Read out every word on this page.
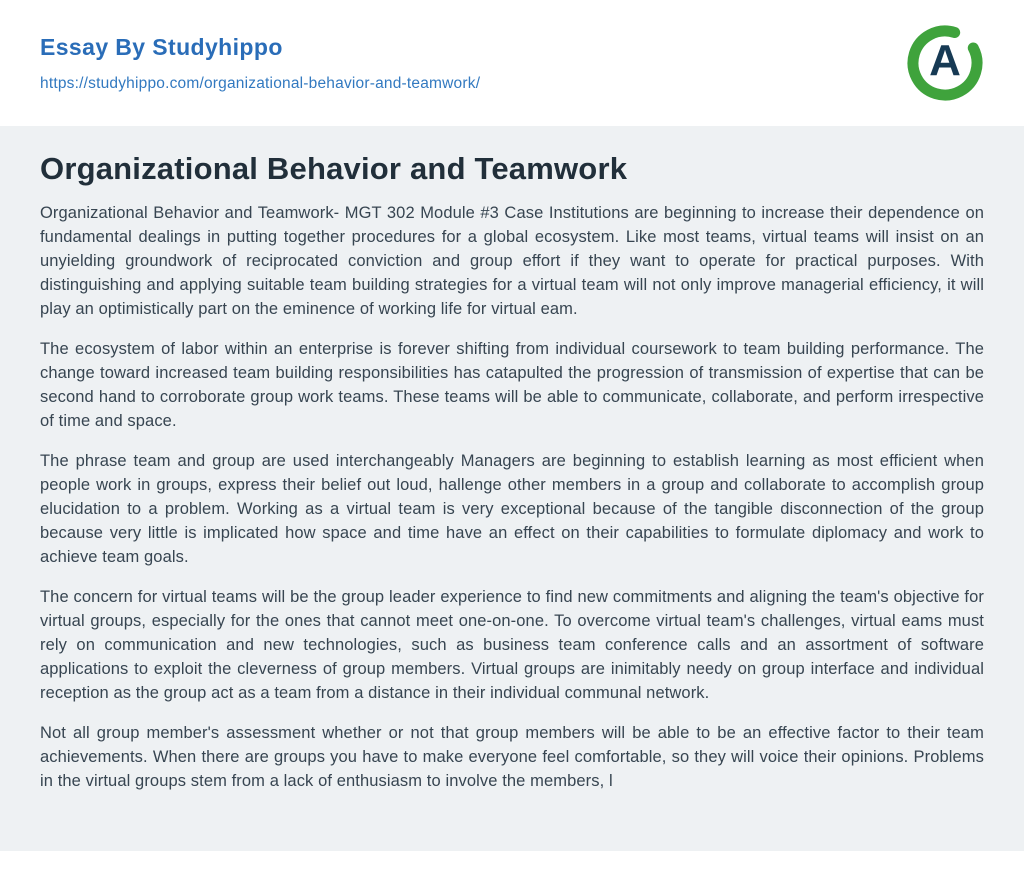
Essay By Studyhippo
https://studyhippo.com/organizational-behavior-and-teamwork/	A
Organizational Behavior and Teamwork

Organizational Behavior and Teamwork- MGT 302 Module #3 Case Institutions are beginning to increase their dependence on fundamental dealings in putting together procedures for a global ecosystem. Like most teams, virtual teams will insist on an unyielding groundwork of reciprocated conviction and group effort if they want to operate for practical purposes. With distinguishing and applying suitable team building strategies for a virtual team will not only improve managerial efficiency, it will play an optimistically part on the eminence of working life for virtual eam.

The ecosystem of labor within an enterprise is forever shifting from individual coursework to team building performance. The change toward increased team building responsibilities has catapulted the progression of transmission of expertise that can be second hand to corroborate group work teams. These teams will be able to communicate, collaborate, and perform irrespective of time and space.

The phrase team and group are used interchangeably Managers are beginning to establish learning as most efficient when people work in groups, express their belief out loud, hallenge other members in a group and collaborate to accomplish group elucidation to a problem. Working as a virtual team is very exceptional because of the tangible disconnection of the group because very little is implicated how space and time have an effect on their capabilities to formulate diplomacy and work to achieve team goals.

The concern for virtual teams will be the group leader experience to find new commitments and aligning the team's objective for virtual groups, especially for the ones that cannot meet one-on-one. To overcome virtual team's challenges, virtual eams must rely on communication and new technologies, such as business team conference calls and an assortment of software applications to exploit the cleverness of group members. Virtual groups are inimitably needy on group interface and individual reception as the group act as a team from a distance in their individual communal network.

Not all group member's assessment whether or not that group members will be able to be an effective factor to their team achievements. When there are groups you have to make everyone feel comfortable, so they will voice their opinions. Problems in the virtual groups stem from a lack of enthusiasm to involve the members, l
